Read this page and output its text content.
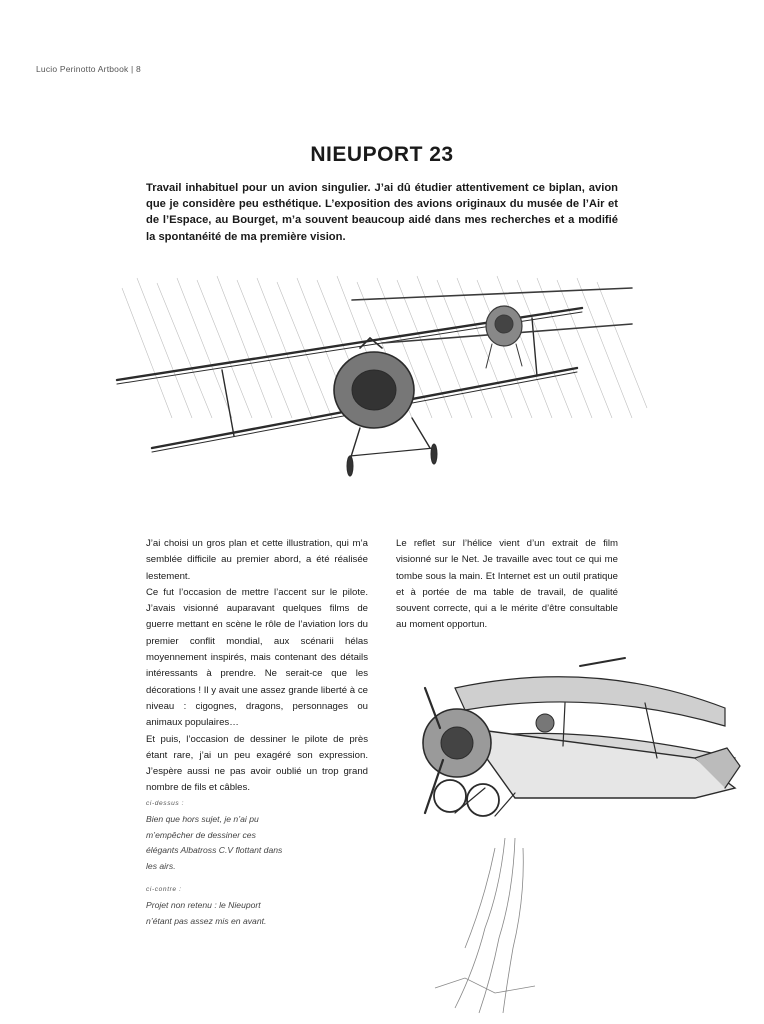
Lucio Perinotto Artbook | 8
NIEUPORT 23

Travail inhabituel pour un avion singulier. J’ai dû étudier attentivement ce biplan, avion que je considère peu esthétique. L’exposition des avions originaux du musée de l’Air et de l’Espace, au Bourget, m’a souvent beaucoup aidé dans mes recherches et a modifié la spontanéité de ma première vision.

J’ai choisi un gros plan et cette illustration, qui m’a semblée difficile au premier abord, a été réalisée lestement.

Ce fut l’occasion de mettre l’accent sur le pilote. J’avais visionné auparavant quelques films de guerre mettant en scène le rôle de l’aviation lors du premier conflit mondial, aux scénarii hélas moyennement inspirés, mais contenant des détails intéressants à prendre. Ne serait-ce que les décorations ! Il y avait une assez grande liberté à ce niveau : cigognes, dragons, personnages ou animaux populaires…

Et puis, l’occasion de dessiner le pilote de près étant rare, j’ai un peu exagéré son expression. J’espère aussi ne pas avoir oublié un trop grand nombre de fils et câbles.

Le reflet sur l’hélice vient d’un extrait de film visionné sur le Net. Je travaille avec tout ce qui me tombe sous la main. Et Internet est un outil pratique et à portée de ma table de travail, de qualité souvent correcte, qui a le mérite d’être consultable au moment opportun.

ci-dessus :
Bien que hors sujet, je n’ai pu m’empêcher de dessiner ces élégants Albatross C.V flottant dans les airs.
ci-contre :
Projet non retenu : le Nieuport n’étant pas assez mis en avant.
